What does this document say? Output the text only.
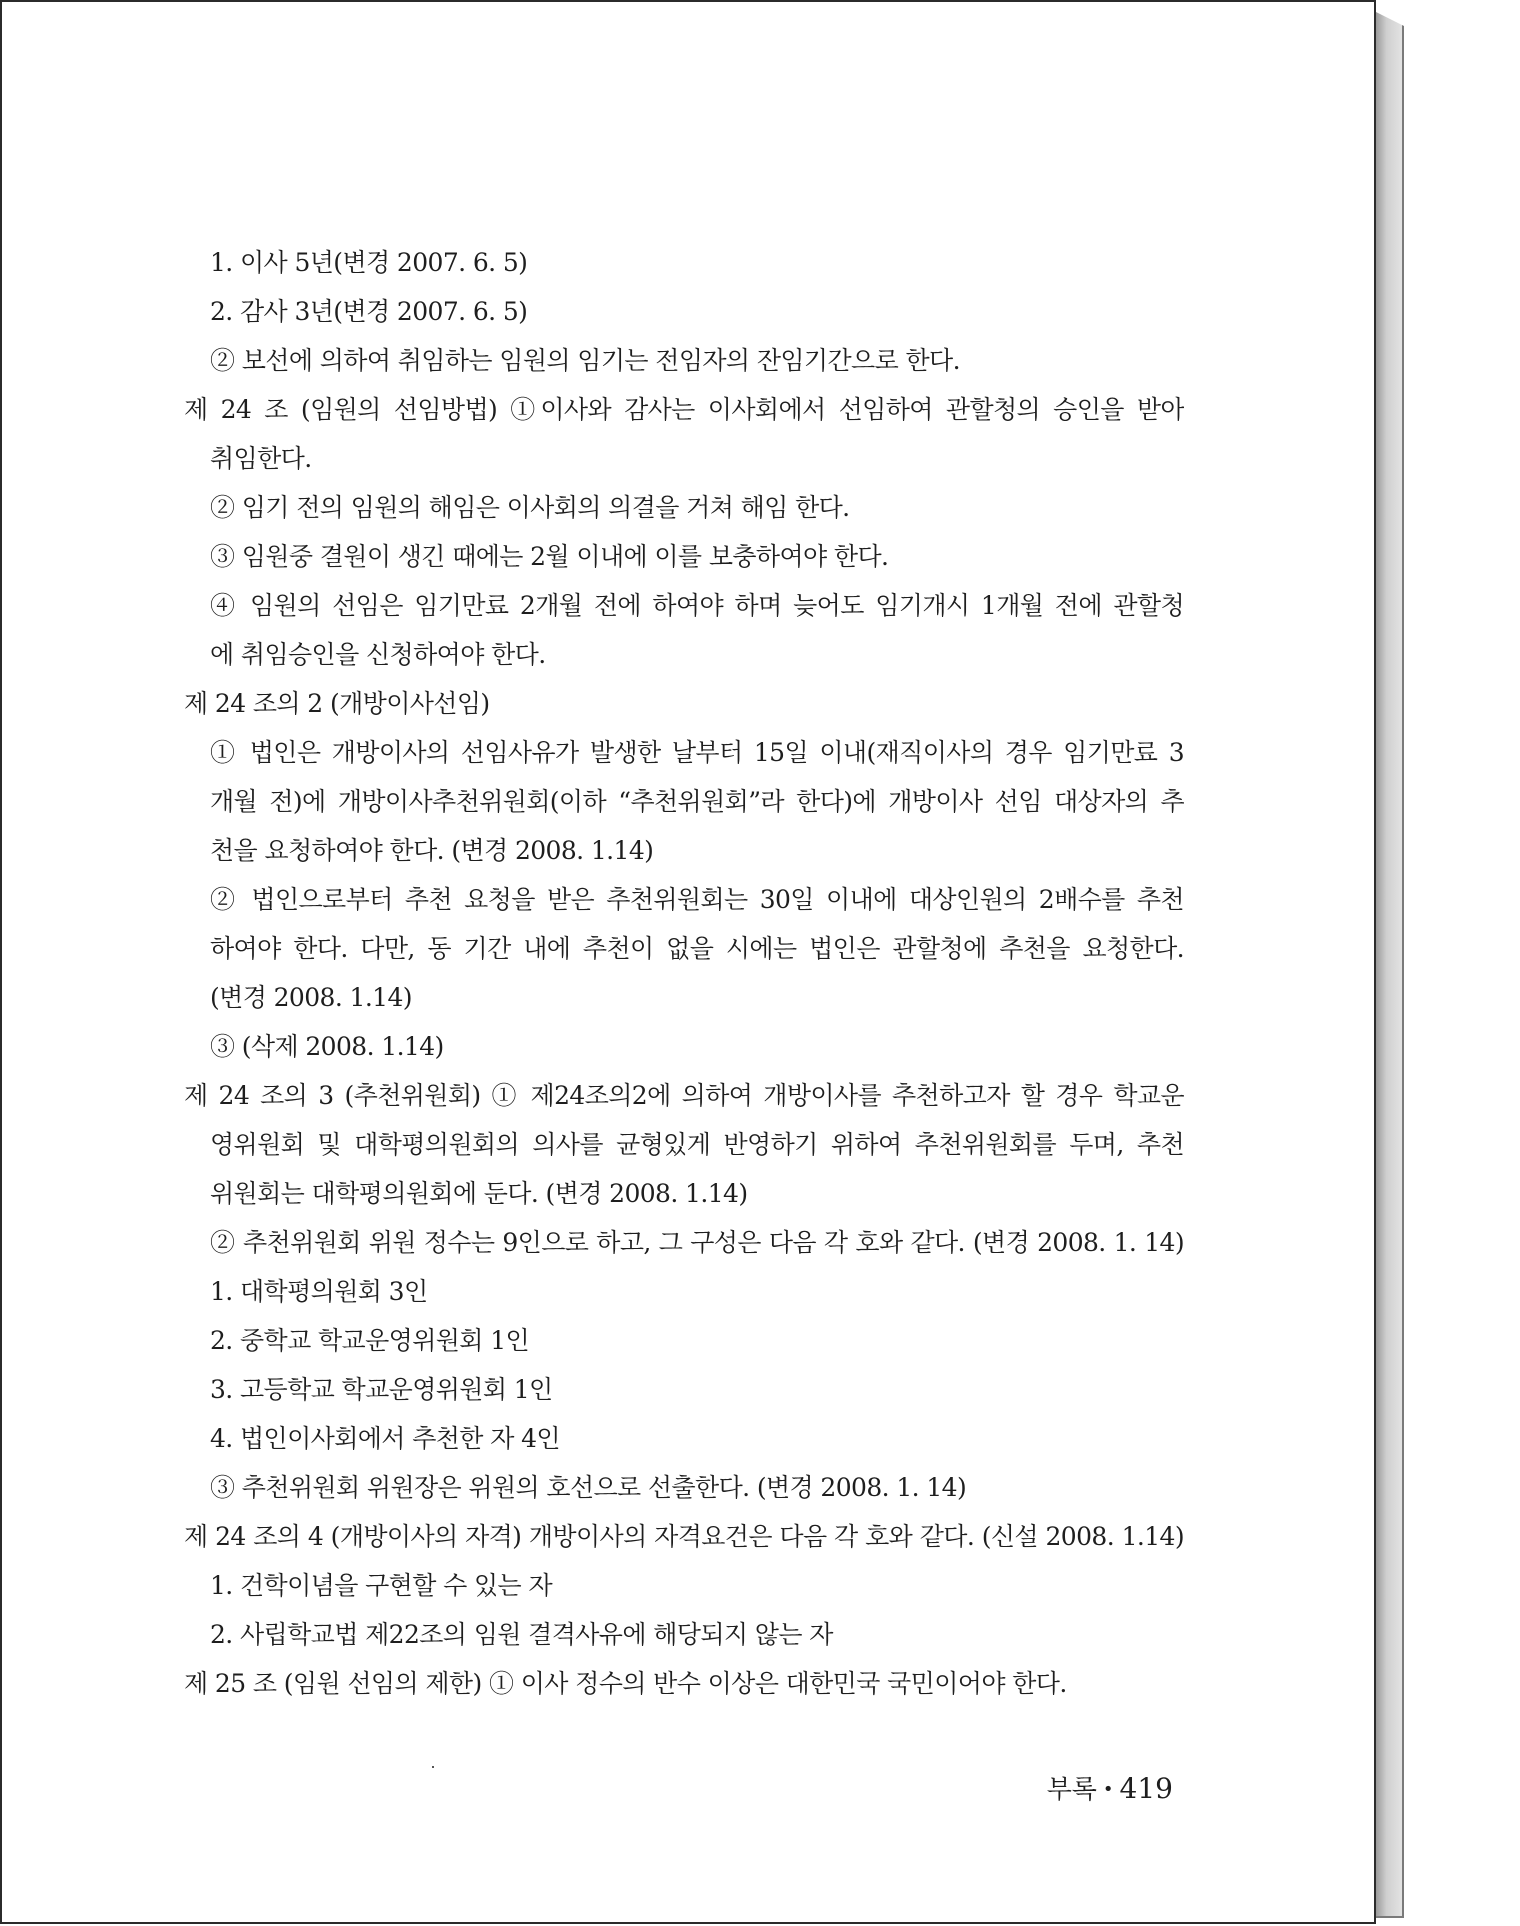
1. 이사 5년(변경 2007. 6. 5)
2. 감사 3년(변경 2007. 6. 5)
② 보선에 의하여 취임하는 임원의 임기는 전임자의 잔임기간으로 한다.
제 24 조 (임원의 선임방법) ①이사와 감사는 이사회에서 선임하여 관할청의 승인을 받아
취임한다.
② 임기 전의 임원의 해임은 이사회의 의결을 거쳐 해임 한다.
③ 임원중 결원이 생긴 때에는 2월 이내에 이를 보충하여야 한다.
④ 임원의 선임은 임기만료 2개월 전에 하여야 하며 늦어도 임기개시 1개월 전에 관할청
에 취임승인을 신청하여야 한다.
제 24 조의 2 (개방이사선임)
① 법인은 개방이사의 선임사유가 발생한 날부터 15일 이내(재직이사의 경우 임기만료 3
개월 전)에 개방이사추천위원회(이하 “추천위원회”라 한다)에 개방이사 선임 대상자의 추
천을 요청하여야 한다. (변경 2008. 1.14)
② 법인으로부터 추천 요청을 받은 추천위원회는 30일 이내에 대상인원의 2배수를 추천
하여야 한다. 다만, 동 기간 내에 추천이 없을 시에는 법인은 관할청에 추천을 요청한다.
(변경 2008. 1.14)
③ (삭제 2008. 1.14)
제 24 조의 3 (추천위원회) ① 제24조의2에 의하여 개방이사를 추천하고자 할 경우 학교운
영위원회 및 대학평의원회의 의사를 균형있게 반영하기 위하여 추천위원회를 두며, 추천
위원회는 대학평의원회에 둔다. (변경 2008. 1.14)
② 추천위원회 위원 정수는 9인으로 하고, 그 구성은 다음 각 호와 같다. (변경 2008. 1. 14)
1. 대학평의원회 3인
2. 중학교 학교운영위원회 1인
3. 고등학교 학교운영위원회 1인
4. 법인이사회에서 추천한 자 4인
③ 추천위원회 위원장은 위원의 호선으로 선출한다. (변경 2008. 1. 14)
제 24 조의 4 (개방이사의 자격) 개방이사의 자격요건은 다음 각 호와 같다. (신설 2008. 1.14)
1. 건학이념을 구현할 수 있는 자
2. 사립학교법 제22조의 임원 결격사유에 해당되지 않는 자
제 25 조 (임원 선임의 제한) ① 이사 정수의 반수 이상은 대한민국 국민이어야 한다.
부록 • 419
